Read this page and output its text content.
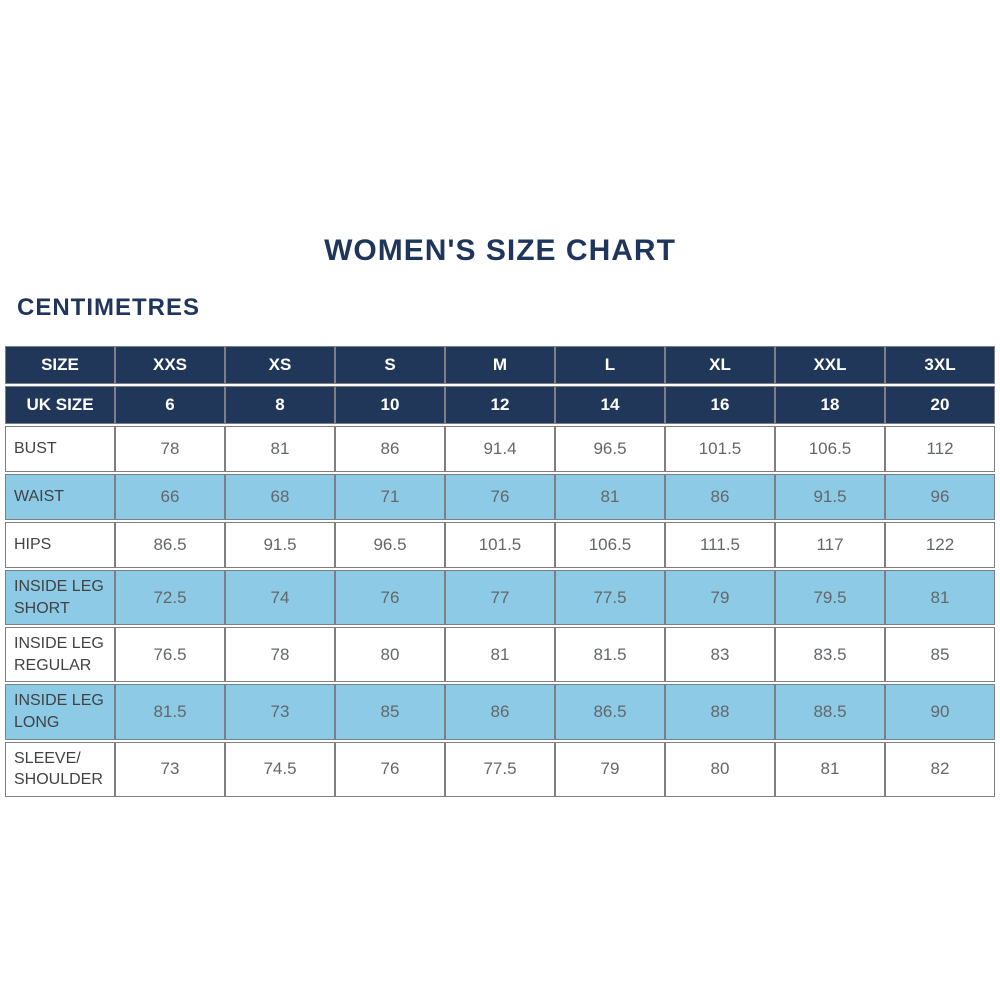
WOMEN'S SIZE CHART
CENTIMETRES
SIZE	XXS	XS	S	M	L	XL	XXL	3XL
UK SIZE	6	8	10	12	14	16	18	20
BUST	78	81	86	91.4	96.5	101.5	106.5	112
WAIST	66	68	71	76	81	86	91.5	96
HIPS	86.5	91.5	96.5	101.5	106.5	111.5	117	122
INSIDE LEG SHORT	72.5	74	76	77	77.5	79	79.5	81
INSIDE LEG REGULAR	76.5	78	80	81	81.5	83	83.5	85
INSIDE LEG LONG	81.5	73	85	86	86.5	88	88.5	90
SLEEVE/ SHOULDER	73	74.5	76	77.5	79	80	81	82
